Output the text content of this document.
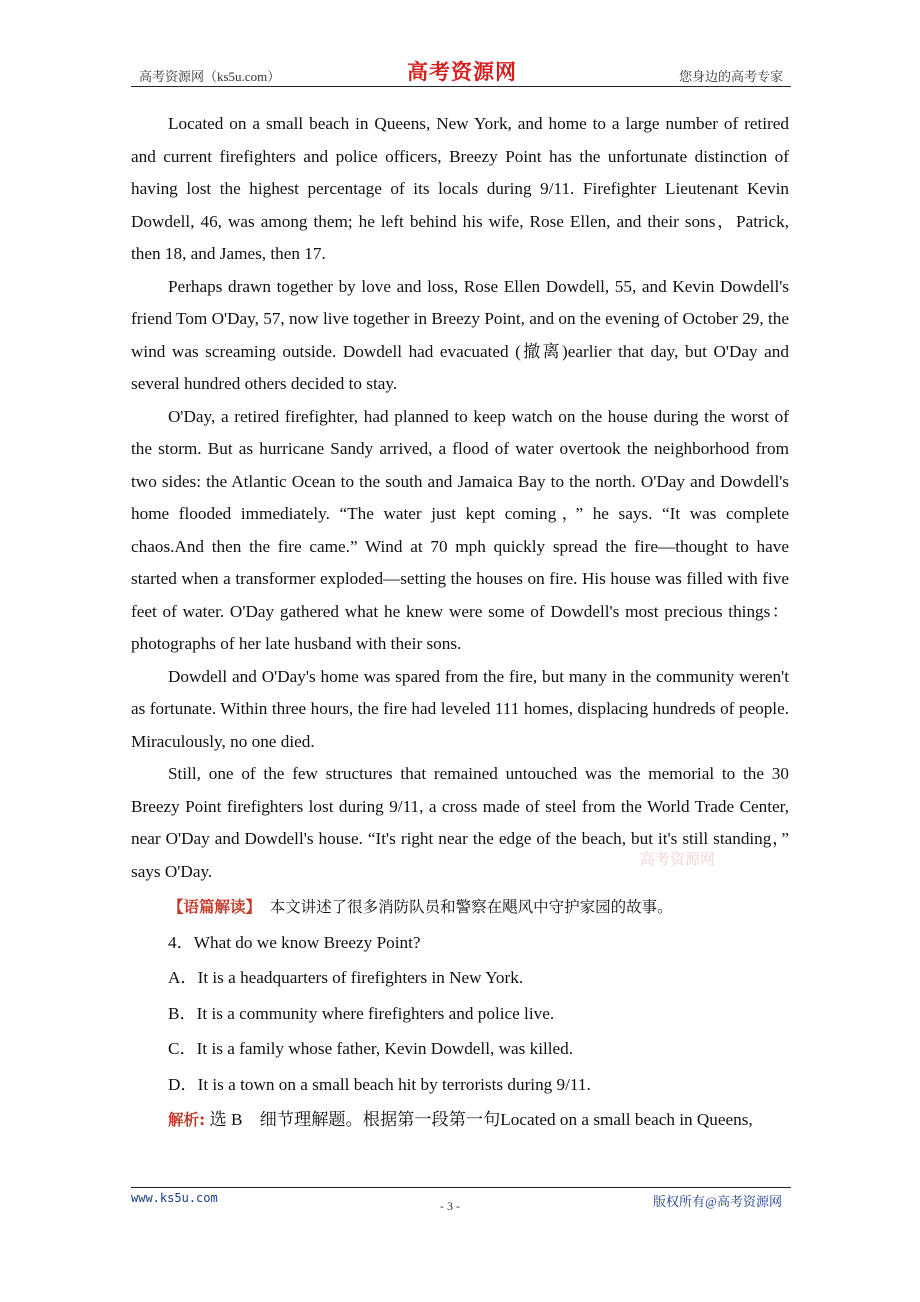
高考资源网（ks5u.com）	高考资源网	您身边的高考专家

Located on a small beach in Queens, New York, and home to a large number of retired and current firefighters and police officers, Breezy Point has the unfortunate distinction of having lost the highest percentage of its locals during 9/11. Firefighter Lieutenant Kevin Dowdell, 46, was among them; he left behind his wife, Rose Ellen, and their sons，Patrick, then 18, and James, then 17.

Perhaps drawn together by love and loss, Rose Ellen Dowdell, 55, and Kevin Dowdell's friend Tom O'Day, 57, now live together in Breezy Point, and on the evening of October 29, the wind was screaming outside. Dowdell had evacuated (撤离)earlier that day, but O'Day and several hundred others decided to stay.

O'Day, a retired firefighter, had planned to keep watch on the house during the worst of the storm. But as hurricane Sandy arrived, a flood of water overtook the neighborhood from two sides: the Atlantic Ocean to the south and Jamaica Bay to the north. O'Day and Dowdell's home flooded immediately. “The water just kept coming，” he says. “It was complete chaos.And then the fire came.” Wind at 70 mph quickly spread the fire—thought to have started when a transformer exploded—setting the houses on fire. His house was filled with five feet of water. O'Day gathered what he knew were some of Dowdell's most precious things： photographs of her late husband with their sons.

Dowdell and O'Day's home was spared from the fire, but many in the community weren't as fortunate. Within three hours, the fire had leveled 111 homes, displacing hundreds of people. Miraculously, no one died.

Still, one of the few structures that remained untouched was the memorial to the 30 Breezy Point firefighters lost during 9/11, a cross made of steel from the World Trade Center, near O'Day and Dowdell's house. “It's right near the edge of the beach, but it's still standing，” says O'Day.

【语篇解读】 本文讲述了很多消防队员和警察在飓风中守护家园的故事。

4．What do we know Breezy Point?

A．It is a headquarters of firefighters in New York.

B．It is a community where firefighters and police live.

C．It is a family whose father, Kevin Dowdell, was killed.

D．It is a town on a small beach hit by terrorists during 9/11.

解析: 选 B　细节理解题。根据第一段第一句Located on a small beach in Queens,

高考资源网
www.ks5u.com
- 3 -	版权所有@高考资源网
